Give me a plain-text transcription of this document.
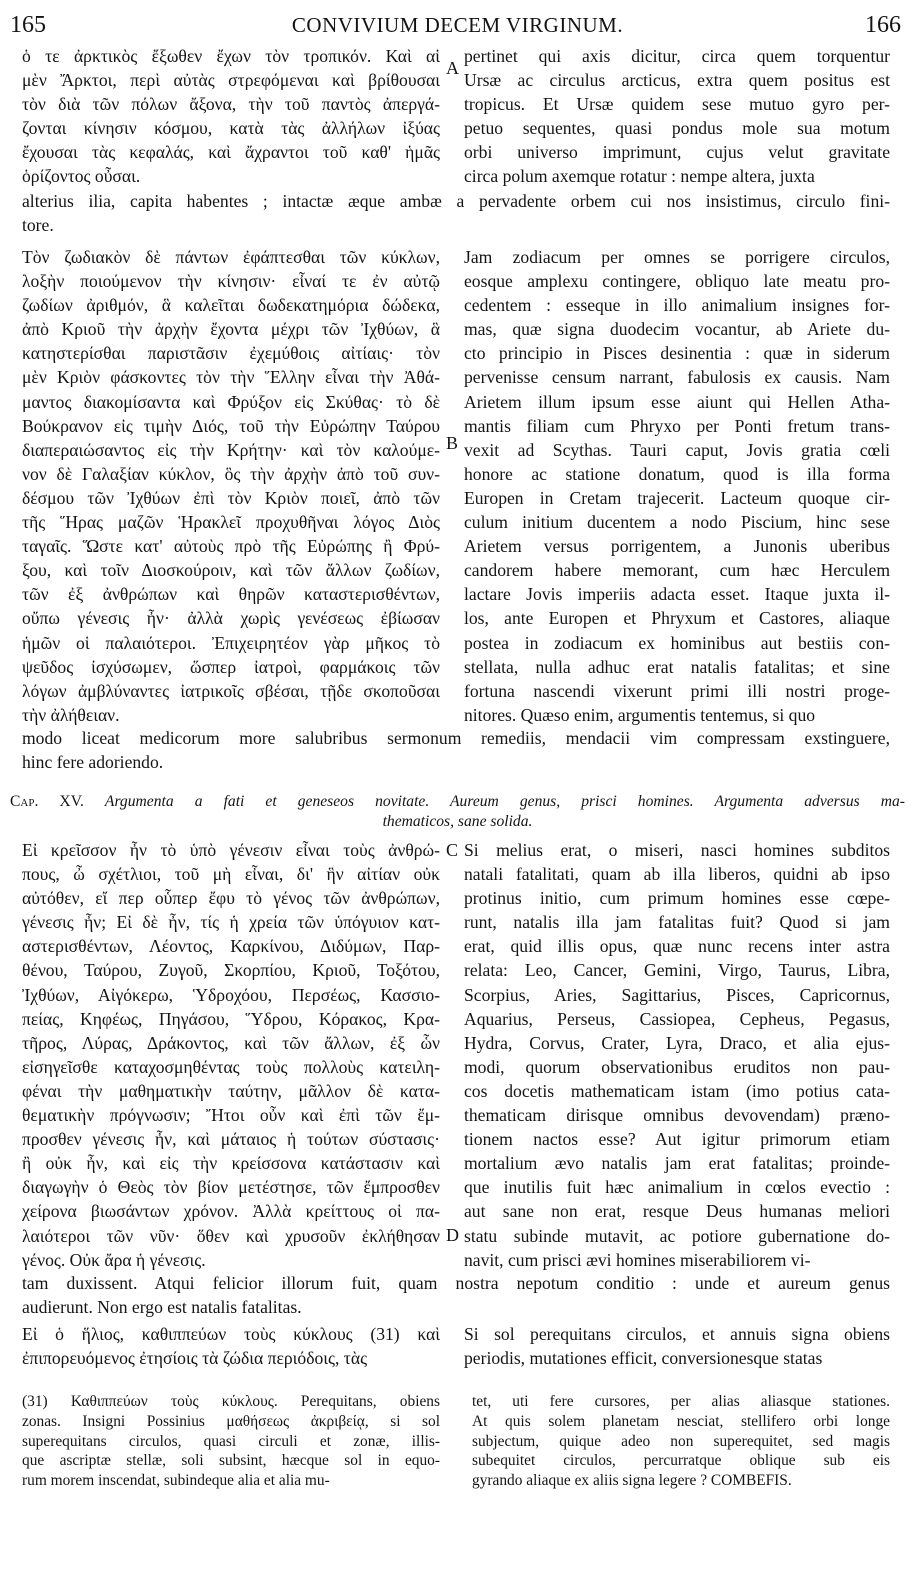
165	CONVIVIUM DECEM VIRGINUM.	166
ὁ τε ἀρκτικὸς ἔξωθεν ἔχων τὸν τροπικόν. Καὶ αἱ
μὲν Ἄρκτοι, περὶ αὐτὰς στρεφόμεναι καὶ βρίθουσαι
τὸν διὰ τῶν πόλων ἄξονα, τὴν τοῦ παντὸς ἀπεργά-
ζονται κίνησιν κόσμου, κατὰ τὰς ἀλλήλων ἰξύας
ἔχουσαι τὰς κεφαλάς, καὶ ἄχραντοι τοῦ καθ' ἡμᾶς
ὁρίζοντος οὖσαι.
pertinet qui axis dicitur, circa quem torquentur
Ursæ ac circulus arcticus, extra quem positus est
tropicus. Et Ursæ quidem sese mutuo gyro per-
petuo sequentes, quasi pondus mole sua motum
orbi universo imprimunt, cujus velut gravitate
circa polum axemque rotatur : nempe altera, juxta
A
alterius ilia, capita habentes ; intactæ æque ambæ a pervadente orbem cui nos insistimus, circulo fini-
tore.
Τὸν ζωδιακὸν δὲ πάντων ἐφάπτεσθαι τῶν κύκλων,
λοξὴν ποιούμενον τὴν κίνησιν· εἶναί τε ἐν αὐτῷ
ζωδίων ἀριθμόν, ἃ καλεῖται δωδεκατημόρια δώδεκα,
ἀπὸ Κριοῦ τὴν ἀρχὴν ἔχοντα μέχρι τῶν Ἰχθύων, ἃ
κατηστερίσθαι παριστᾶσιν ἐχεμύθοις αἰτίαις· τὸν
μὲν Κριὸν φάσκοντες τὸν τὴν Ἕλλην εἶναι τὴν Ἀθά-
μαντος διακομίσαντα καὶ Φρύξον εἰς Σκύθας· τὸ δὲ
Βούκρανον εἰς τιμὴν Διός, τοῦ τὴν Εὐρώπην Ταύρου
διαπεραιώσαντος εἰς τὴν Κρήτην· καὶ τὸν καλούμε-
νον δὲ Γαλαξίαν κύκλον, ὃς τὴν ἀρχὴν ἀπὸ τοῦ συν-
δέσμου τῶν Ἰχθύων ἐπὶ τὸν Κριὸν ποιεῖ, ἀπὸ τῶν
τῆς Ἥρας μαζῶν Ἡρακλεῖ προχυθῆναι λόγος Διὸς
ταγαῖς. Ὥστε κατ' αὐτοὺς πρὸ τῆς Εὐρώπης ἢ Φρύ-
ξου, καὶ τοῖν Διοσκούροιν, καὶ τῶν ἄλλων ζωδίων,
τῶν ἐξ ἀνθρώπων καὶ θηρῶν καταστερισθέντων,
οὔπω γένεσις ἦν· ἀλλὰ χωρὶς γενέσεως ἐβίωσαν
ἡμῶν οἱ παλαιότεροι. Ἐπιχειρητέον γὰρ μῆκος τὸ
ψεῦδος ἰσχύσωμεν, ὥσπερ ἰατροὶ, φαρμάκοις τῶν
λόγων ἀμβλύναντες ἰατρικοῖς σβέσαι, τῇδε σκοποῦσαι
τὴν ἀλήθειαν.
Jam zodiacum per omnes se porrigere circulos,
eosque amplexu contingere, obliquo late meatu pro-
cedentem : esseque in illo animalium insignes for-
mas, quæ signa duodecim vocantur, ab Ariete du-
cto principio in Pisces desinentia : quæ in siderum
pervenisse censum narrant, fabulosis ex causis. Nam
Arietem illum ipsum esse aiunt qui Hellen Atha-
mantis filiam cum Phryxo per Ponti fretum trans-
vexit ad Scythas. Tauri caput, Jovis gratia cœli
honore ac statione donatum, quod is illa forma
Europen in Cretam trajecerit. Lacteum quoque cir-
culum initium ducentem a nodo Piscium, hinc sese
Arietem versus porrigentem, a Junonis uberibus
candorem habere memorant, cum hæc Herculem
lactare Jovis imperiis adacta esset. Itaque juxta il-
los, ante Europen et Phryxum et Castores, aliaque
postea in zodiacum ex hominibus aut bestiis con-
stellata, nulla adhuc erat natalis fatalitas; et sine
fortuna nascendi vixerunt primi illi nostri proge-
nitores. Quæso enim, argumentis tentemus, si quo
B
modo liceat medicorum more salubribus sermonum remediis, mendacii vim compressam exstinguere,
hinc fere adoriendo.
Cap. XV. Argumenta a fati et geneseos novitate. Aureum genus, prisci homines. Argumenta adversus ma-
thematicos, sane solida.
Εἰ κρεῖσσον ἦν τὸ ὑπὸ γένεσιν εἶναι τοὺς ἀνθρώ-
πους, ὦ σχέτλιοι, τοῦ μὴ εἶναι, δι' ἣν αἰτίαν οὐκ
αὐτόθεν, εἴ περ οὗπερ ἔφυ τὸ γένος τῶν ἀνθρώπων,
γένεσις ἦν; Εἰ δὲ ἦν, τίς ἡ χρεία τῶν ὑπόγυιον κατ-
αστερισθέντων, Λέοντος, Καρκίνου, Διδύμων, Παρ-
θένου, Ταύρου, Ζυγοῦ, Σκορπίου, Κριοῦ, Τοξότου,
Ἰχθύων, Αἰγόκερω, Ὑδροχόου, Περσέως, Κασσιο-
πείας, Κηφέως, Πηγάσου, Ὕδρου, Κόρακος, Κρα-
τῆρος, Λύρας, Δράκοντος, καὶ τῶν ἄλλων, ἐξ ὧν
εἰσηγεῖσθε καταχοσμηθέντας τοὺς πολλοὺς κατειλη-
φέναι τὴν μαθηματικὴν ταύτην, μᾶλλον δὲ κατα-
θεματικὴν πρόγνωσιν; Ἤτοι οὖν καὶ ἐπὶ τῶν ἔμ-
προσθεν γένεσις ἦν, καὶ μάταιος ἡ τούτων σύστασις·
ἢ οὐκ ἦν, καὶ εἰς τὴν κρείσσονα κατάστασιν καὶ
διαγωγὴν ὁ Θεὸς τὸν βίον μετέστησε, τῶν ἔμπροσθεν
χείρονα βιωσάντων χρόνον. Ἀλλὰ κρείττους οἱ πα-
λαιότεροι τῶν νῦν· ὅθεν καὶ χρυσοῦν ἐκλήθησαν
γένος. Οὐκ ἄρα ἡ γένεσις.
Si melius erat, o miseri, nasci homines subditos
natali fatalitati, quam ab illa liberos, quidni ab ipso
protinus initio, cum primum homines esse cœpe-
runt, natalis illa jam fatalitas fuit? Quod si jam
erat, quid illis opus, quæ nunc recens inter astra
relata: Leo, Cancer, Gemini, Virgo, Taurus, Libra,
Scorpius, Aries, Sagittarius, Pisces, Capricornus,
Aquarius, Perseus, Cassiopea, Cepheus, Pegasus,
Hydra, Corvus, Crater, Lyra, Draco, et alia ejus-
modi, quorum observationibus eruditos non pau-
cos docetis mathematicam istam (imo potius cata-
thematicam dirisque omnibus devovendam) præno-
tionem nactos esse? Aut igitur primorum etiam
mortalium ævo natalis jam erat fatalitas; proinde-
que inutilis fuit hæc animalium in cœlos evectio :
aut sane non erat, resque Deus humanas meliori
statu subinde mutavit, ac potiore gubernatione do-
navit, cum prisci ævi homines miserabiliorem vi-
C
D
tam duxissent. Atqui felicior illorum fuit, quam nostra nepotum conditio : unde et aureum genus
audierunt. Non ergo est natalis fatalitas.
Εἰ ὁ ἥλιος, καθιππεύων τοὺς κύκλους (31) καὶ
ἐπιπορευόμενος ἐτησίοις τὰ ζώδια περιόδοις, τὰς
Si sol perequitans circulos, et annuis signa obiens
periodis, mutationes efficit, conversionesque statas
(31) Καθιππεύων τοὺς κύκλους. Perequitans, obiens
zonas. Insigni Possinius μαθήσεως ἀκριβείᾳ, si sol
superequitans circulos, quasi circuli et zonæ, illis-
que ascriptæ stellæ, soli subsint, hæcque sol in equo-
rum morem inscendat, subindeque alia et alia mu-
tet, uti fere cursores, per alias aliasque stationes.
At quis solem planetam nesciat, stellifero orbi longe
subjectum, quique adeo non superequitet, sed magis
subequitet circulos, percurratque oblique sub eis
gyrando aliaque ex aliis signa legere ? COMBEFIS.
